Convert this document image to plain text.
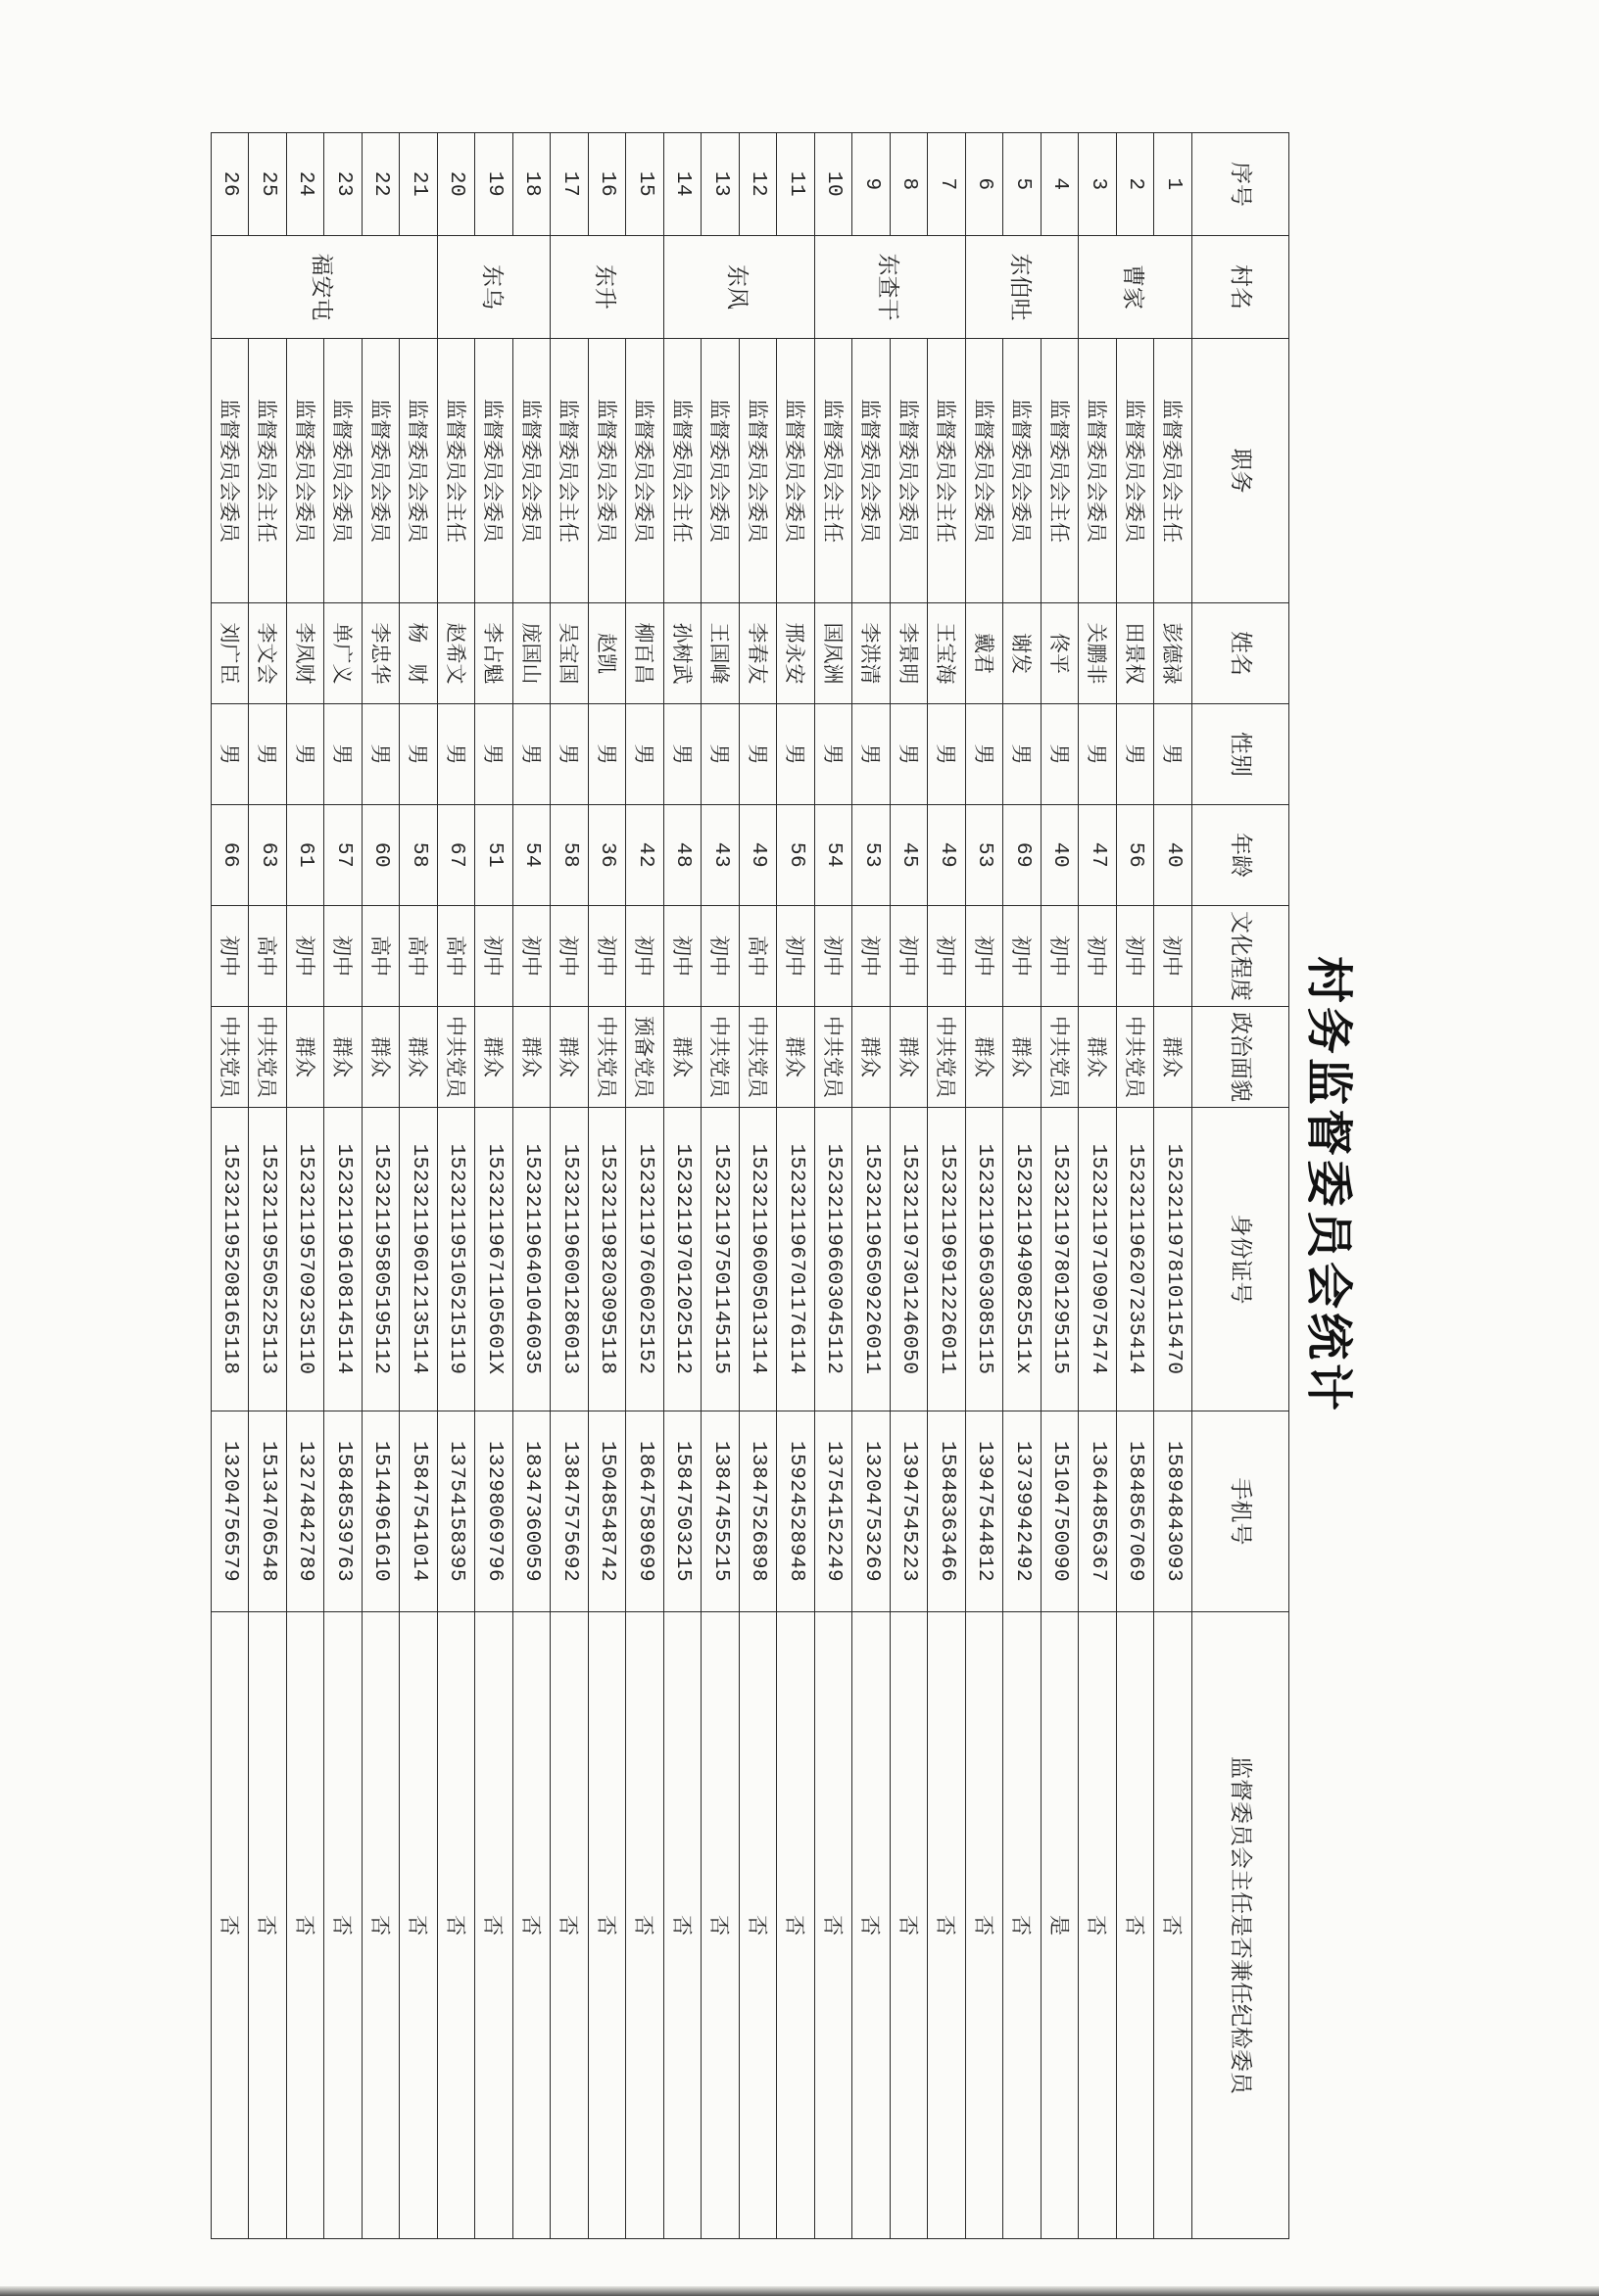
村务监督委员会统计
序号	村名	职务	姓名	性别	年龄	文化程度	政治面貌	身份证号	手机号	监督委员会主任是否兼任纪检委员
1	曹家	监督委员会主任	彭德禄	男	40	初中	群众	152321197810115470	15894843093	否
2		监督委员会委员	田景权	男	56	初中	中共党员	152321196207235414	15848567069	否
3		监督委员会委员	关鹏非	男	47	初中	群众	152321197109075474	13644856367	否
4	东伯吐	监督委员会主任	佟平	男	40	初中	中共党员	152321197801295115	15104750090	是
5		监督委员会委员	谢发	男	69	初中	群众	15232119490825511x	13739942492	否
6		监督委员会委员	戴君	男	53	初中	群众	152321196503085115	13947544812	否
7	东查干	监督委员会主任	王宝海	男	49	初中	中共党员	152321196912226011	15848363466	否
8		监督委员会委员	李景明	男	45	初中	群众	152321197301246050	13947545223	否
9		监督委员会委员	李洪清	男	53	初中	群众	152321196509226011	13204753269	否
10		监督委员会主任	国凤洲	男	54	初中	中共党员	152321196603045112	13754152249	否
11	东风	监督委员会委员	邢永安	男	56	初中	群众	152321196701176114	15924528948	否
12		监督委员会委员	李春友	男	49	高中	中共党员	152321196005013114	13847526898	否
13		监督委员会委员	王国峰	男	43	初中	中共党员	152321197501145115	13847455215	否
14		监督委员会主任	孙树武	男	48	初中	群众	152321197012025112	15847503215	否
15	东升	监督委员会委员	柳百昌	男	42	初中	预备党员	152321197606025152	18647589699	否
16		监督委员会委员	赵凯	男	36	初中	中共党员	152321198203095118	15048548742	否
17		监督委员会主任	吴宝国	男	58	初中	群众	152321196001286013	13847575692	否
18	东乌	监督委员会委员	庞国山	男	54	初中	群众	152321196401046035	18347360059	否
19		监督委员会委员	李占魁	男	51	初中	群众	15232119671105601X	13298069796	否
20		监督委员会主任	赵希文	男	67	高中	中共党员	152321195105215119	13754158395	否
21	福安屯	监督委员会委员	杨　财	男	58	高中	群众	152321196012135114	15847541014	否
22		监督委员会委员	李忠华	男	60	高中	群众	152321195805195112	15144961610	否
23		监督委员会委员	单广义	男	57	初中	群众	152321196108145114	15848539763	否
24		监督委员会委员	李凤财	男	61	初中	群众	152321195709235110	13274842789	否
25		监督委员会主任	李文会	男	63	高中	中共党员	152321195505225113	15134706548	否
26		监督委员会委员	刘广臣	男	66	初中	中共党员	152321195208165118	13204756579	否
